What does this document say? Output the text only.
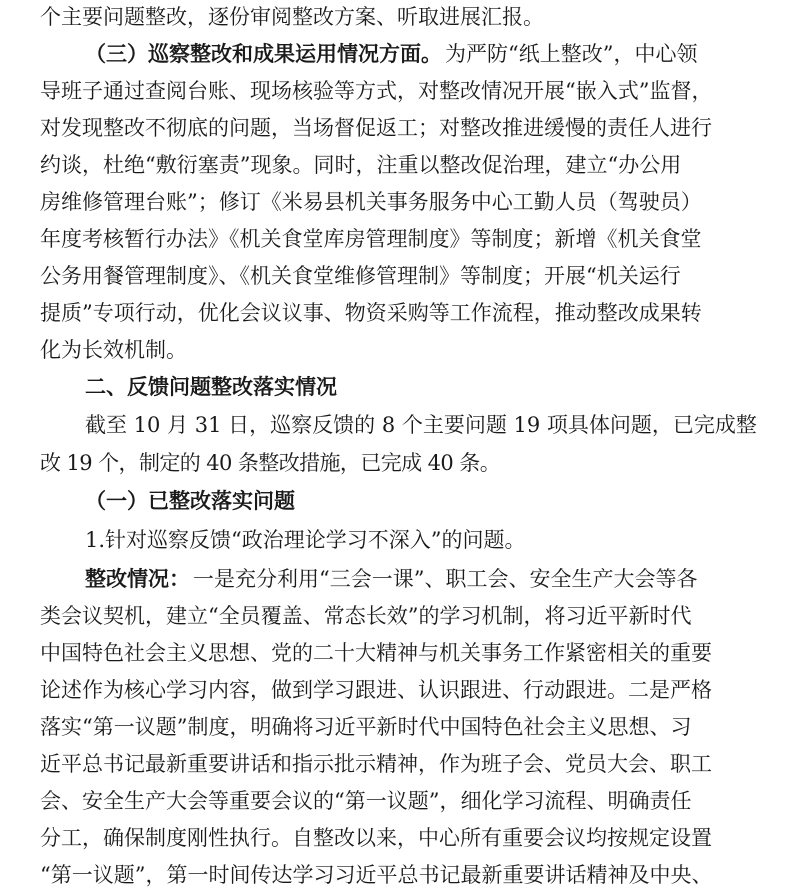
个主要问题整改，逐份审阅整改方案、听取进展汇报。
（三）巡察整改和成果运用情况方面。 为严防“纸上整改”，中心领
导班子通过查阅台账、现场核验等方式，对整改情况开展“嵌入式”监督，
对发现整改不彻底的问题，当场督促返工；对整改推进缓慢的责任人进行
约谈，杜绝“敷衍塞责”现象。同时，注重以整改促治理，建立“办公用
房维修管理台账”；修订《米易县机关事务服务中心工勤人员（驾驶员）
年度考核暂行办法》《机关食堂库房管理制度》等制度；新增《机关食堂
公务用餐管理制度》、《机关食堂维修管理制》等制度；开展“机关运行
提质”专项行动，优化会议议事、物资采购等工作流程，推动整改成果转
化为长效机制。
二、反馈问题整改落实情况
截至 10 月 31 日，巡察反馈的 8 个主要问题 19 项具体问题，已完成整
改 19 个，制定的 40 条整改措施，已完成 40 条。
（一）已整改落实问题
1.针对巡察反馈“政治理论学习不深入”的问题。
整改情况： 一是充分利用“三会一课”、职工会、安全生产大会等各
类会议契机，建立“全员覆盖、常态长效”的学习机制，将习近平新时代
中国特色社会主义思想、党的二十大精神与机关事务工作紧密相关的重要
论述作为核心学习内容，做到学习跟进、认识跟进、行动跟进。二是严格
落实“第一议题”制度，明确将习近平新时代中国特色社会主义思想、习
近平总书记最新重要讲话和指示批示精神，作为班子会、党员大会、职工
会、安全生产大会等重要会议的“第一议题”，细化学习流程、明确责任
分工，确保制度刚性执行。自整改以来，中心所有重要会议均按规定设置
“第一议题”，第一时间传达学习习近平总书记最新重要讲话精神及中央、
